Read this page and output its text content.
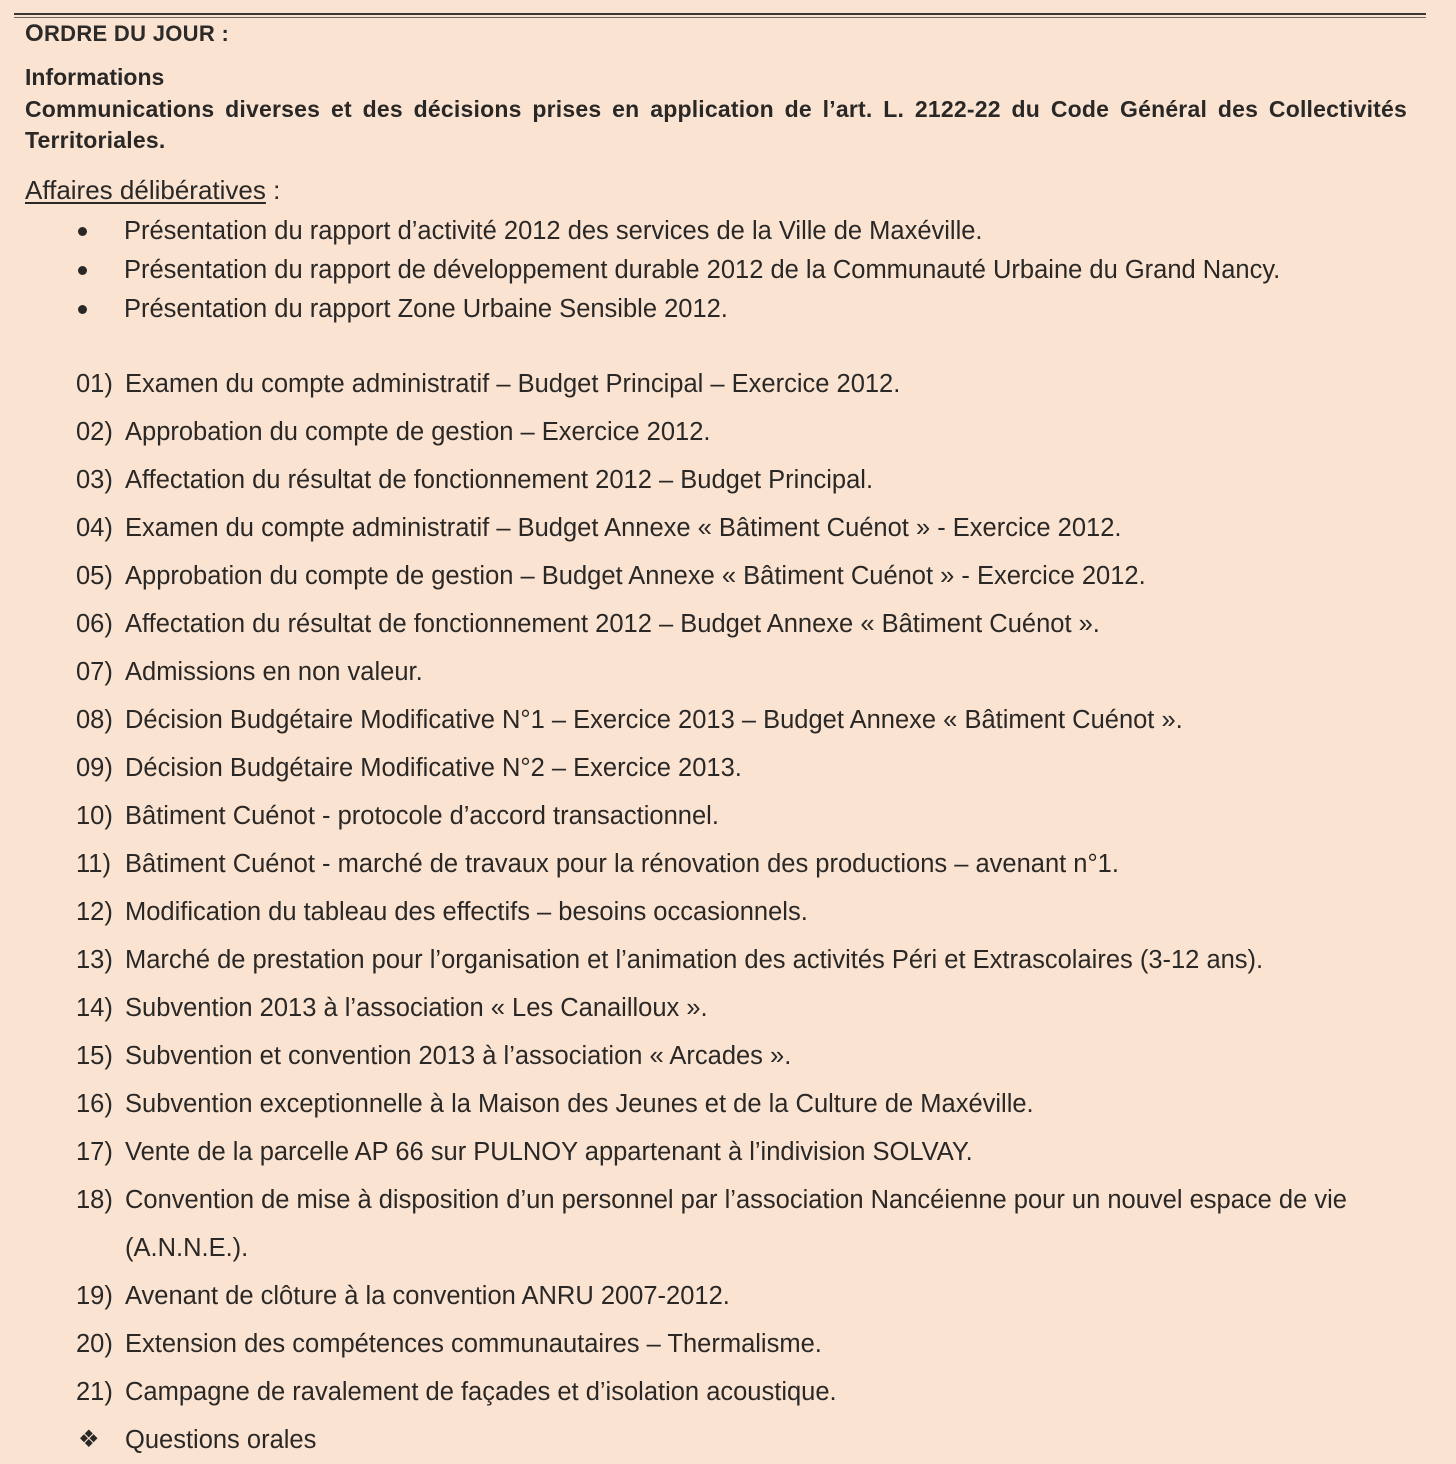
ORDRE DU JOUR :
Informations
Communications diverses et des décisions prises en application de l’art. L. 2122-22 du Code Général des Collectivités Territoriales.
Affaires délibératives :
Présentation du rapport d’activité 2012 des services de la Ville de Maxéville.
Présentation du rapport de développement durable 2012 de la Communauté Urbaine du Grand Nancy.
Présentation du rapport Zone Urbaine Sensible 2012.
01) Examen du compte administratif – Budget Principal – Exercice 2012.
02) Approbation du compte de gestion – Exercice 2012.
03) Affectation du résultat de fonctionnement 2012 – Budget Principal.
04) Examen du compte administratif – Budget Annexe « Bâtiment Cuénot » - Exercice 2012.
05) Approbation du compte de gestion – Budget Annexe « Bâtiment Cuénot » - Exercice 2012.
06) Affectation du résultat de fonctionnement 2012 – Budget Annexe « Bâtiment Cuénot ».
07) Admissions en non valeur.
08) Décision Budgétaire Modificative N°1 – Exercice 2013 – Budget Annexe « Bâtiment Cuénot ».
09) Décision Budgétaire Modificative N°2 – Exercice 2013.
10) Bâtiment Cuénot - protocole d’accord transactionnel.
11) Bâtiment Cuénot - marché de travaux pour la rénovation des productions – avenant n°1.
12) Modification du tableau des effectifs – besoins occasionnels.
13) Marché de prestation pour l’organisation et l’animation des activités Péri et Extrascolaires (3-12 ans).
14) Subvention 2013 à l’association « Les Canailloux ».
15) Subvention et convention 2013 à l’association « Arcades ».
16) Subvention exceptionnelle à la Maison des Jeunes et de la Culture de Maxéville.
17) Vente de la parcelle AP 66 sur PULNOY appartenant à l’indivision SOLVAY.
18) Convention de mise à disposition d’un personnel par l’association Nancéienne pour un nouvel espace de vie (A.N.N.E.).
19) Avenant de clôture à la convention ANRU 2007-2012.
20) Extension des compétences communautaires – Thermalisme.
21) Campagne de ravalement de façades et d’isolation acoustique.
❖ Questions orales
